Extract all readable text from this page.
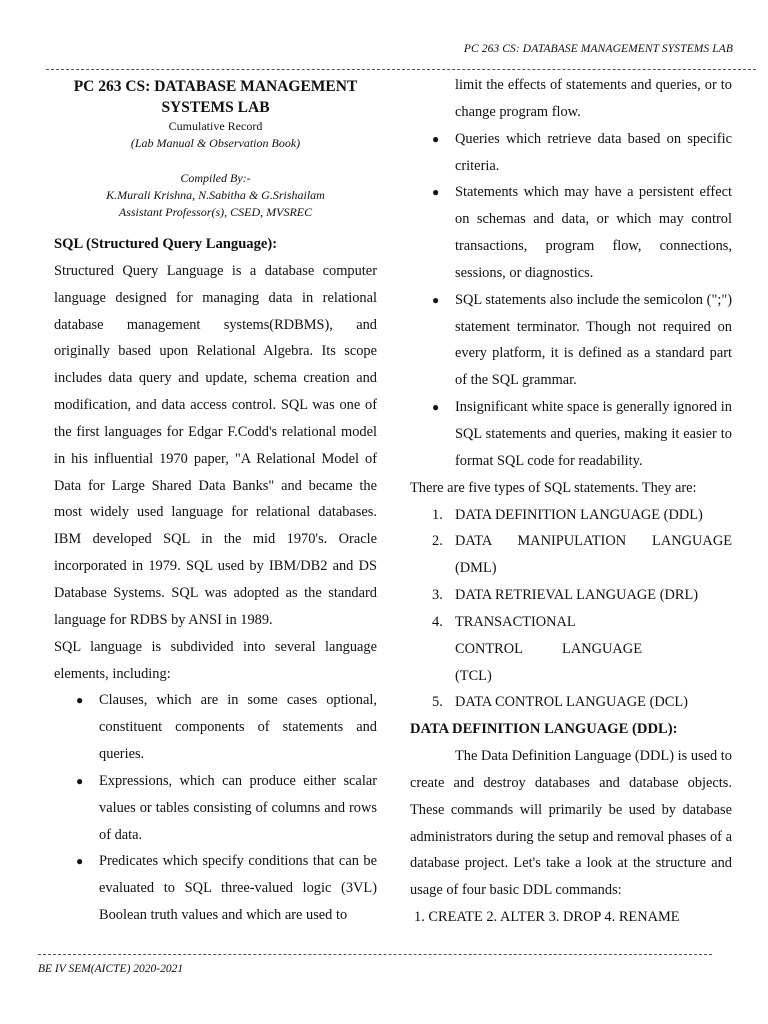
PC 263 CS: DATABASE MANAGEMENT SYSTEMS LAB
PC 263 CS: DATABASE MANAGEMENT
SYSTEMS LAB
Cumulative Record
(Lab Manual & Observation Book)
Compiled By:-
K.Murali Krishna, N.Sabitha & G.Srishailam
Assistant Professor(s), CSED, MVSREC
SQL (Structured Query Language):
Structured Query Language is a database computer language designed for managing data in relational database management systems(RDBMS), and originally based upon Relational Algebra. Its scope includes data query and update, schema creation and modification, and data access control. SQL was one of the first languages for Edgar F.Codd's relational model in his influential 1970 paper, "A Relational Model of Data for Large Shared Data Banks" and became the most widely used language for relational databases. IBM developed SQL in the mid 1970's. Oracle incorporated in 1979. SQL used by IBM/DB2 and DS Database Systems. SQL was adopted as the standard language for RDBS by ANSI in 1989.
SQL language is subdivided into several language elements, including:
● Clauses, which are in some cases optional, constituent components of statements and queries.
● Expressions, which can produce either scalar values or tables consisting of columns and rows of data.
● Predicates which specify conditions that can be evaluated to SQL three-valued logic (3VL) Boolean truth values and which are used to
limit the effects of statements and queries, or to change program flow.
● Queries which retrieve data based on specific criteria.
● Statements which may have a persistent effect on schemas and data, or which may control transactions, program flow, connections, sessions, or diagnostics.
● SQL statements also include the semicolon (";") statement terminator. Though not required on every platform, it is defined as a standard part of the SQL grammar.
● Insignificant white space is generally ignored in SQL statements and queries, making it easier to format SQL code for readability.
There are five types of SQL statements. They are:
1. DATA DEFINITION LANGUAGE (DDL)
2. DATA MANIPULATION LANGUAGE (DML)
3. DATA RETRIEVAL LANGUAGE (DRL)
4. TRANSACTIONAL CONTROL LANGUAGE (TCL)
5. DATA CONTROL LANGUAGE (DCL)
DATA DEFINITION LANGUAGE (DDL):
The Data Definition Language (DDL) is used to create and destroy databases and database objects. These commands will primarily be used by database administrators during the setup and removal phases of a database project. Let's take a look at the structure and usage of four basic DDL commands:
1. CREATE 2. ALTER 3. DROP 4. RENAME
BE IV SEM(AICTE) 2020-2021
